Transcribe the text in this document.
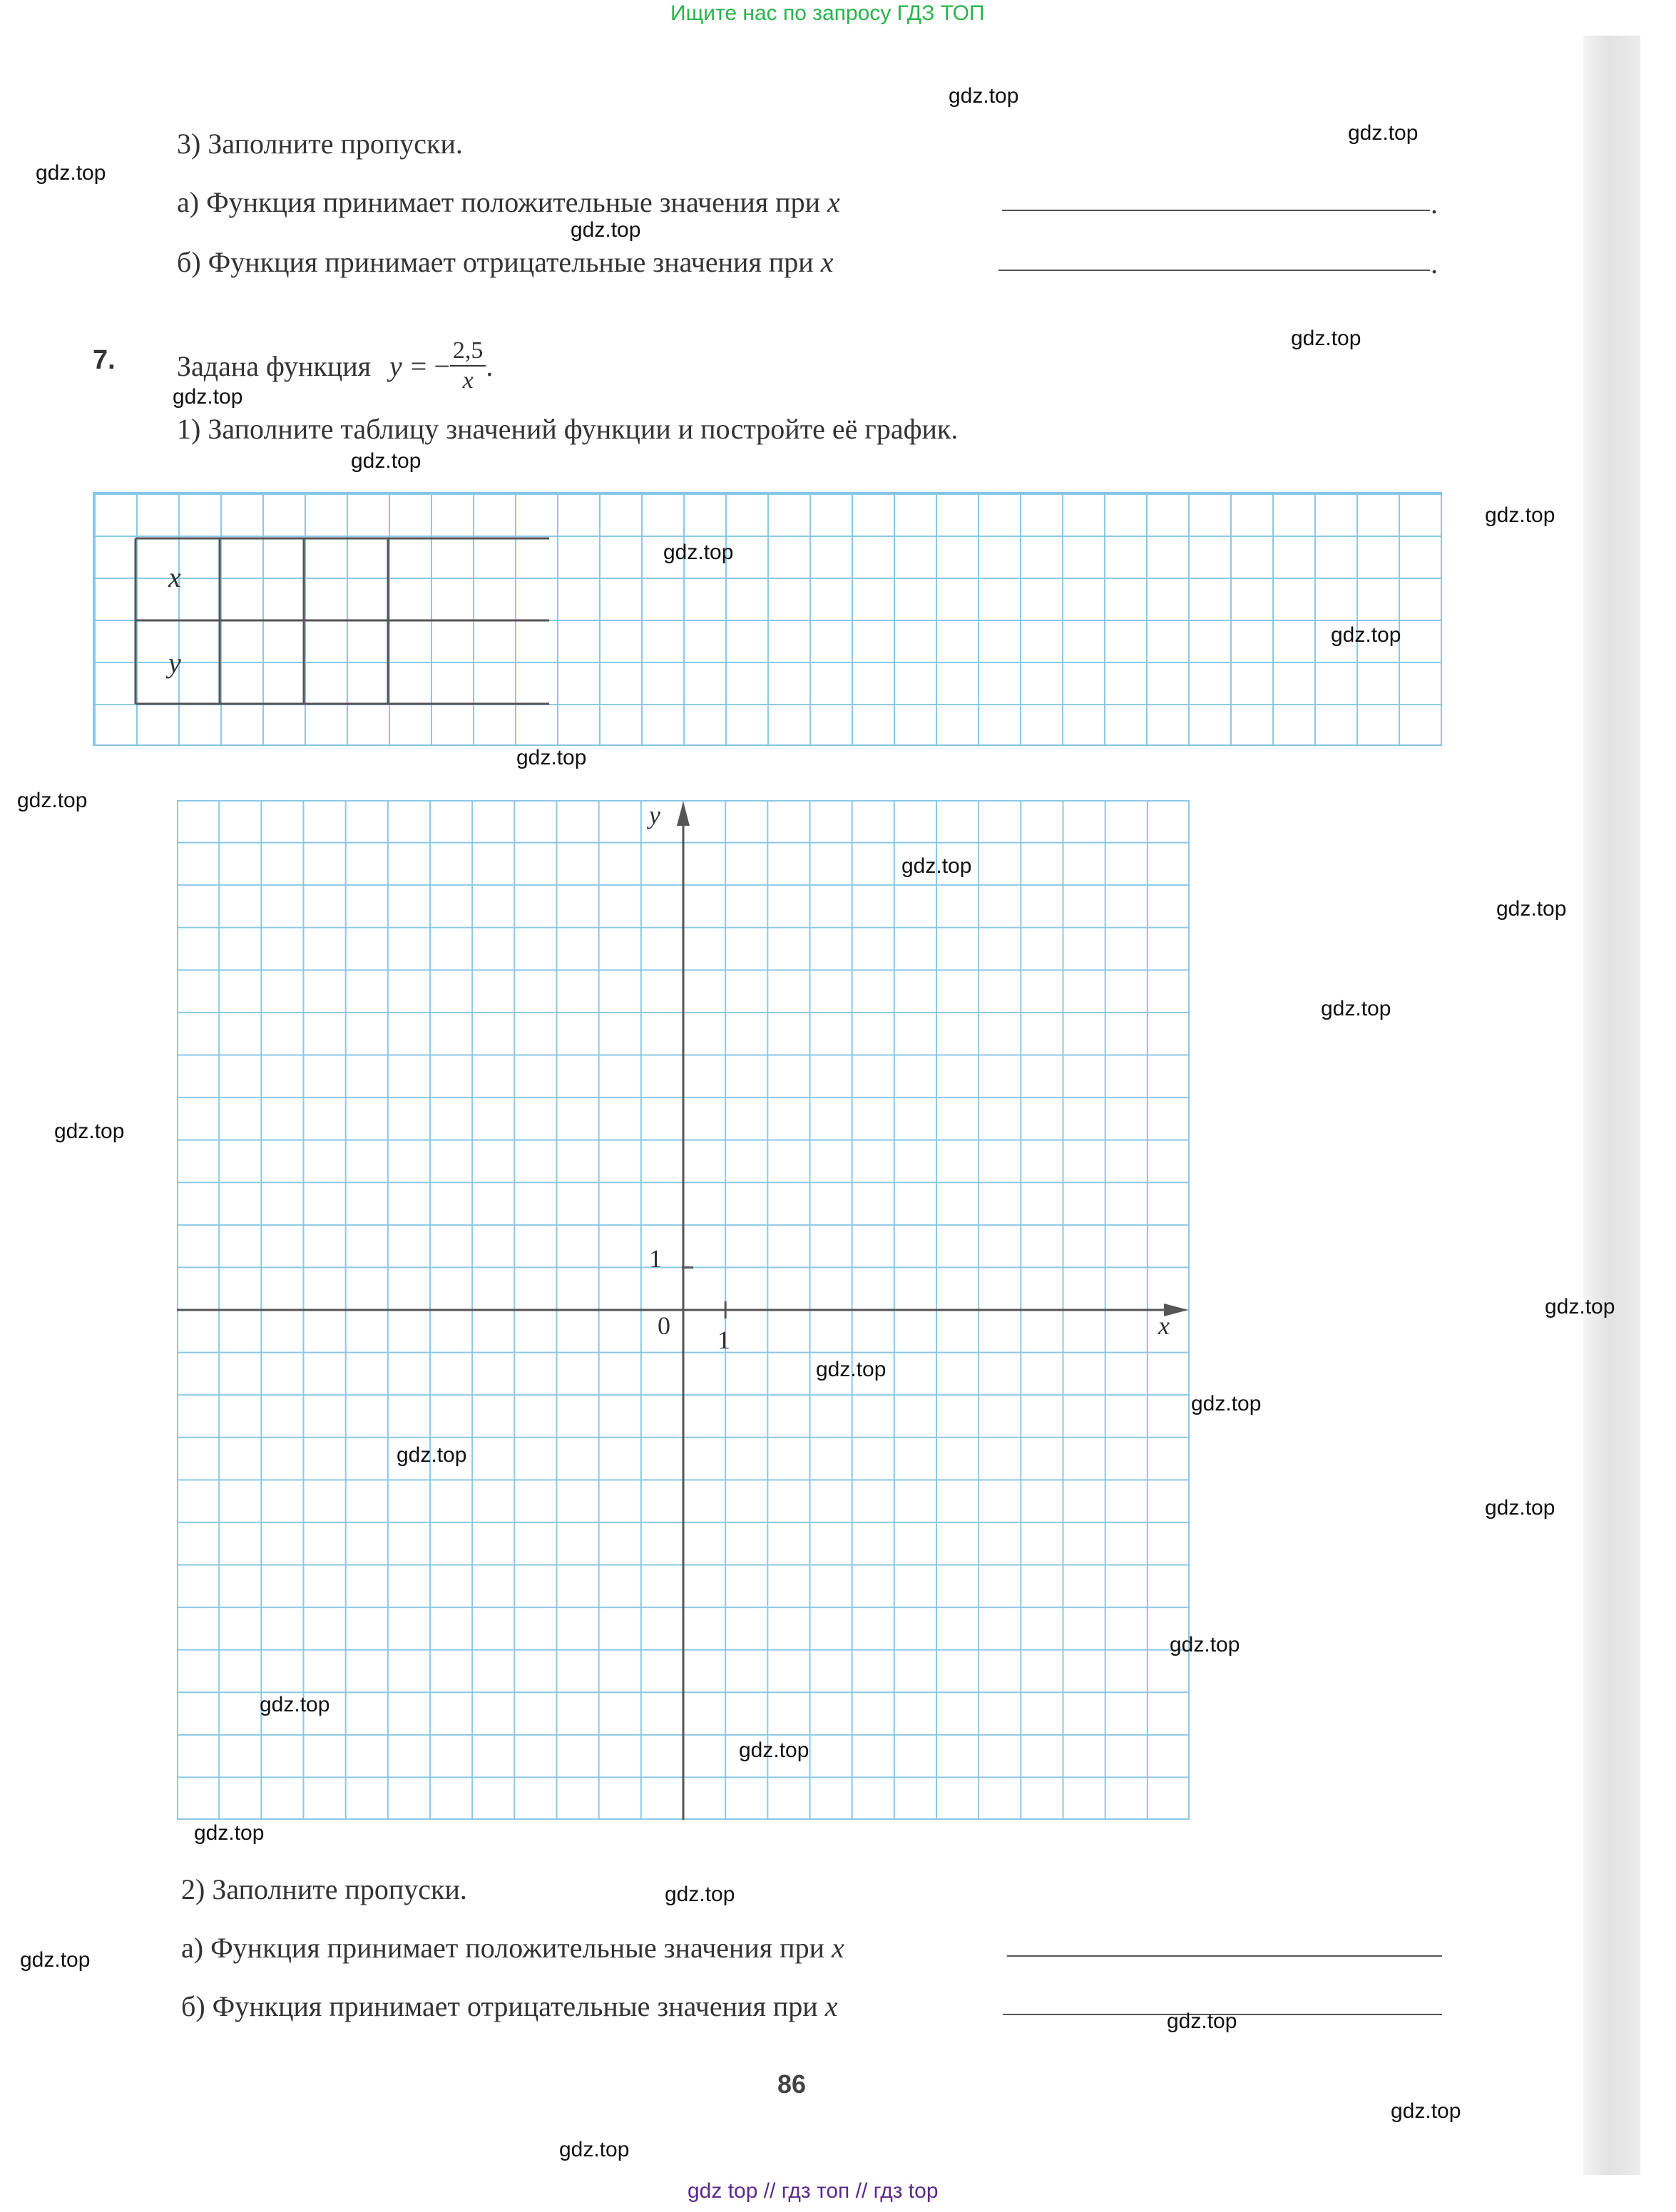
Ищите нас по запросу ГДЗ ТОП
3) Заполните пропуски.
а) Функция принимает положительные значения при x	.
б) Функция принимает отрицательные значения при x	.
7. Задана функция y = − $\frac{2,5}{x}$ .
1) Заполните таблицу значений функции и постройте её график.
x
y
y
x
0
1
1
2) Заполните пропуски.
а) Функция принимает положительные значения при x
б) Функция принимает отрицательные значения при x
86
gdz.top
gdz.top
gdz.top
gdz.top
gdz.top
gdz.top
gdz.top
gdz.top
gdz.top
gdz.top
gdz.top
gdz.top
gdz.top
gdz.top
gdz.top
gdz.top
gdz.top
gdz.top
gdz.top
gdz.top
gdz.top
gdz.top
gdz.top
gdz.top
gdz.top
gdz.top
gdz.top
gdz.top
gdz.top
gdz.top
gdz top // гдз топ // гдз top
